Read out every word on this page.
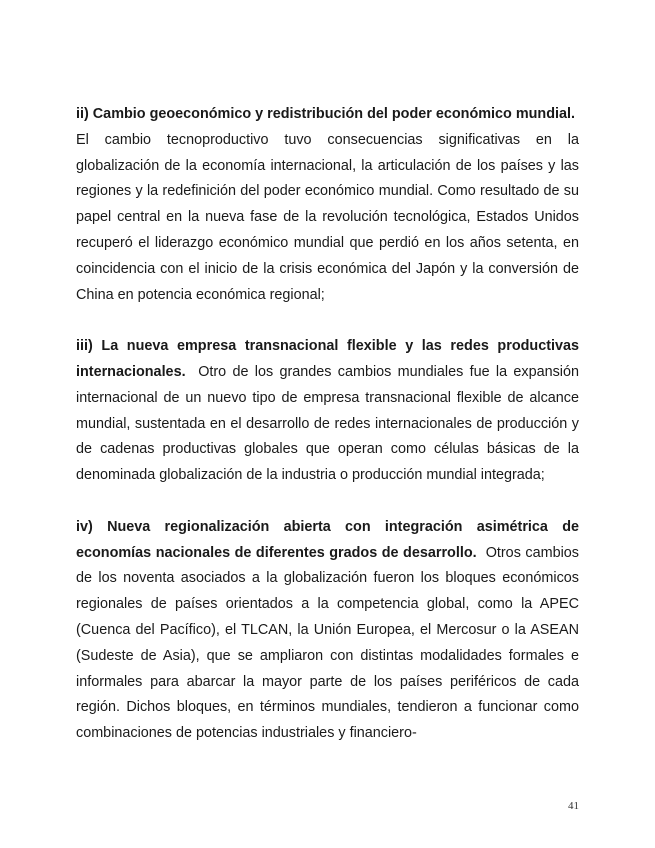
ii) Cambio geoeconómico y redistribución del poder económico mundial.  El cambio tecnoproductivo tuvo consecuencias significativas en la globalización de la economía internacional, la articulación de los países y las regiones y la redefinición del poder económico mundial. Como resultado de su papel central en la nueva fase de la revolución tecnológica, Estados Unidos recuperó el liderazgo económico mundial que perdió en los años setenta, en coincidencia con el inicio de la crisis económica del Japón y la conversión de China en potencia económica regional;

iii) La nueva empresa transnacional flexible y las redes productivas internacionales. Otro de los grandes cambios mundiales fue la expansión internacional de un nuevo tipo de empresa transnacional flexible de alcance mundial, sustentada en el desarrollo de redes internacionales de producción y de cadenas productivas globales que operan como células básicas de la denominada globalización de la industria o producción mundial integrada;

iv) Nueva regionalización abierta con integración asimétrica de economías nacionales de diferentes grados de desarrollo. Otros cambios de los noventa asociados a la globalización fueron los bloques económicos regionales de países orientados a la competencia global, como la APEC (Cuenca del Pacífico), el TLCAN, la Unión Europea, el Mercosur o la ASEAN (Sudeste de Asia), que se ampliaron con distintas modalidades formales e informales para abarcar la mayor parte de los países periféricos de cada región. Dichos bloques, en términos mundiales, tendieron a funcionar como combinaciones de potencias industriales y financiero-

41
